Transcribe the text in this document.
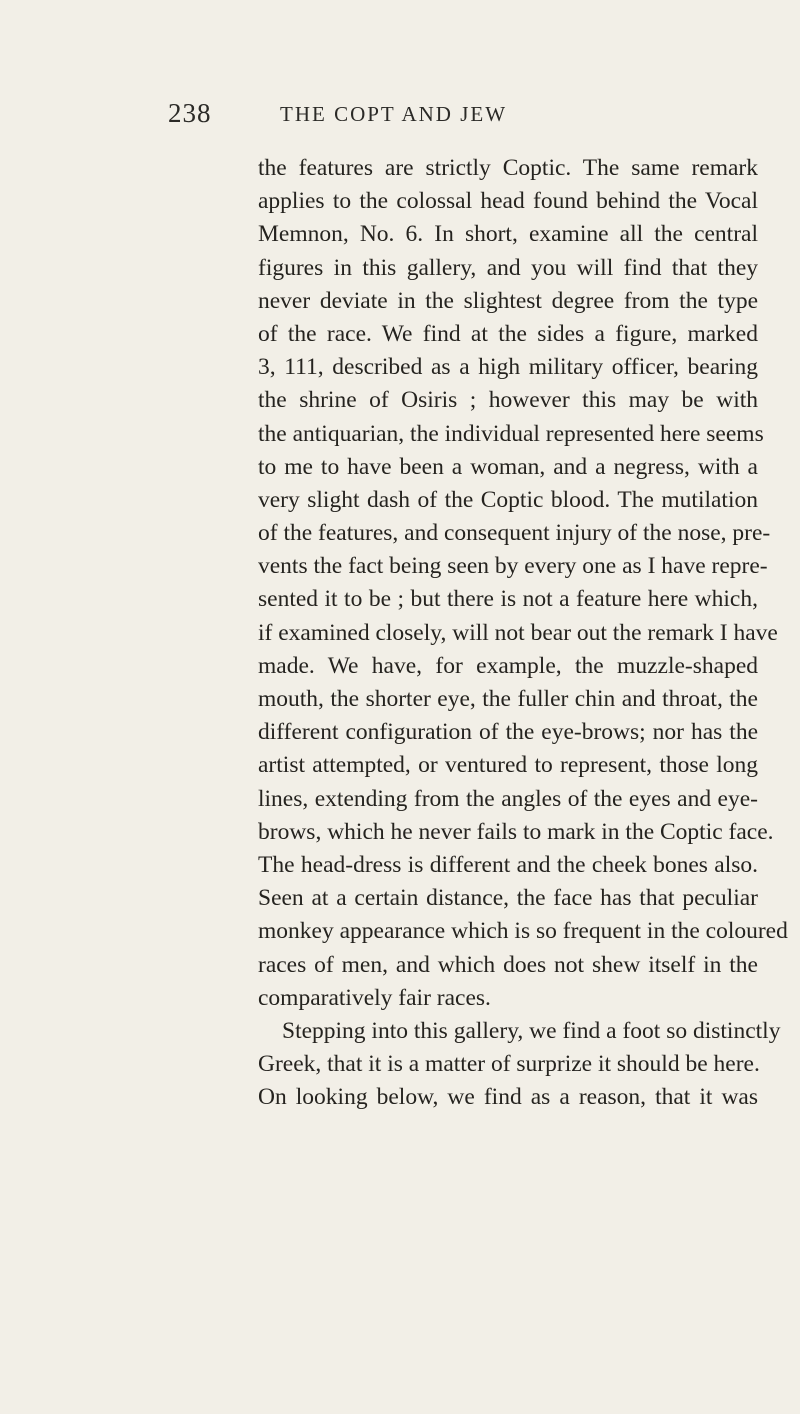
238	THE COPT AND JEW
the features are strictly Coptic. The same remark
applies to the colossal head found behind the Vocal
Memnon, No. 6. In short, examine all the central
figures in this gallery, and you will find that they
never deviate in the slightest degree from the type
of the race. We find at the sides a figure, marked
3, 111, described as a high military officer, bearing
the shrine of Osiris ; however this may be with
the antiquarian, the individual represented here seems
to me to have been a woman, and a negress, with a
very slight dash of the Coptic blood. The mutilation
of the features, and consequent injury of the nose, pre-
vents the fact being seen by every one as I have repre-
sented it to be ; but there is not a feature here which,
if examined closely, will not bear out the remark I have
made. We have, for example, the muzzle-shaped
mouth, the shorter eye, the fuller chin and throat, the
different configuration of the eye-brows; nor has the
artist attempted, or ventured to represent, those long
lines, extending from the angles of the eyes and eye-
brows, which he never fails to mark in the Coptic face.
The head-dress is different and the cheek bones also.
Seen at a certain distance, the face has that peculiar
monkey appearance which is so frequent in the coloured
races of men, and which does not shew itself in the
comparatively fair races.
Stepping into this gallery, we find a foot so distinctly
Greek, that it is a matter of surprize it should be here.
On looking below, we find as a reason, that it was
